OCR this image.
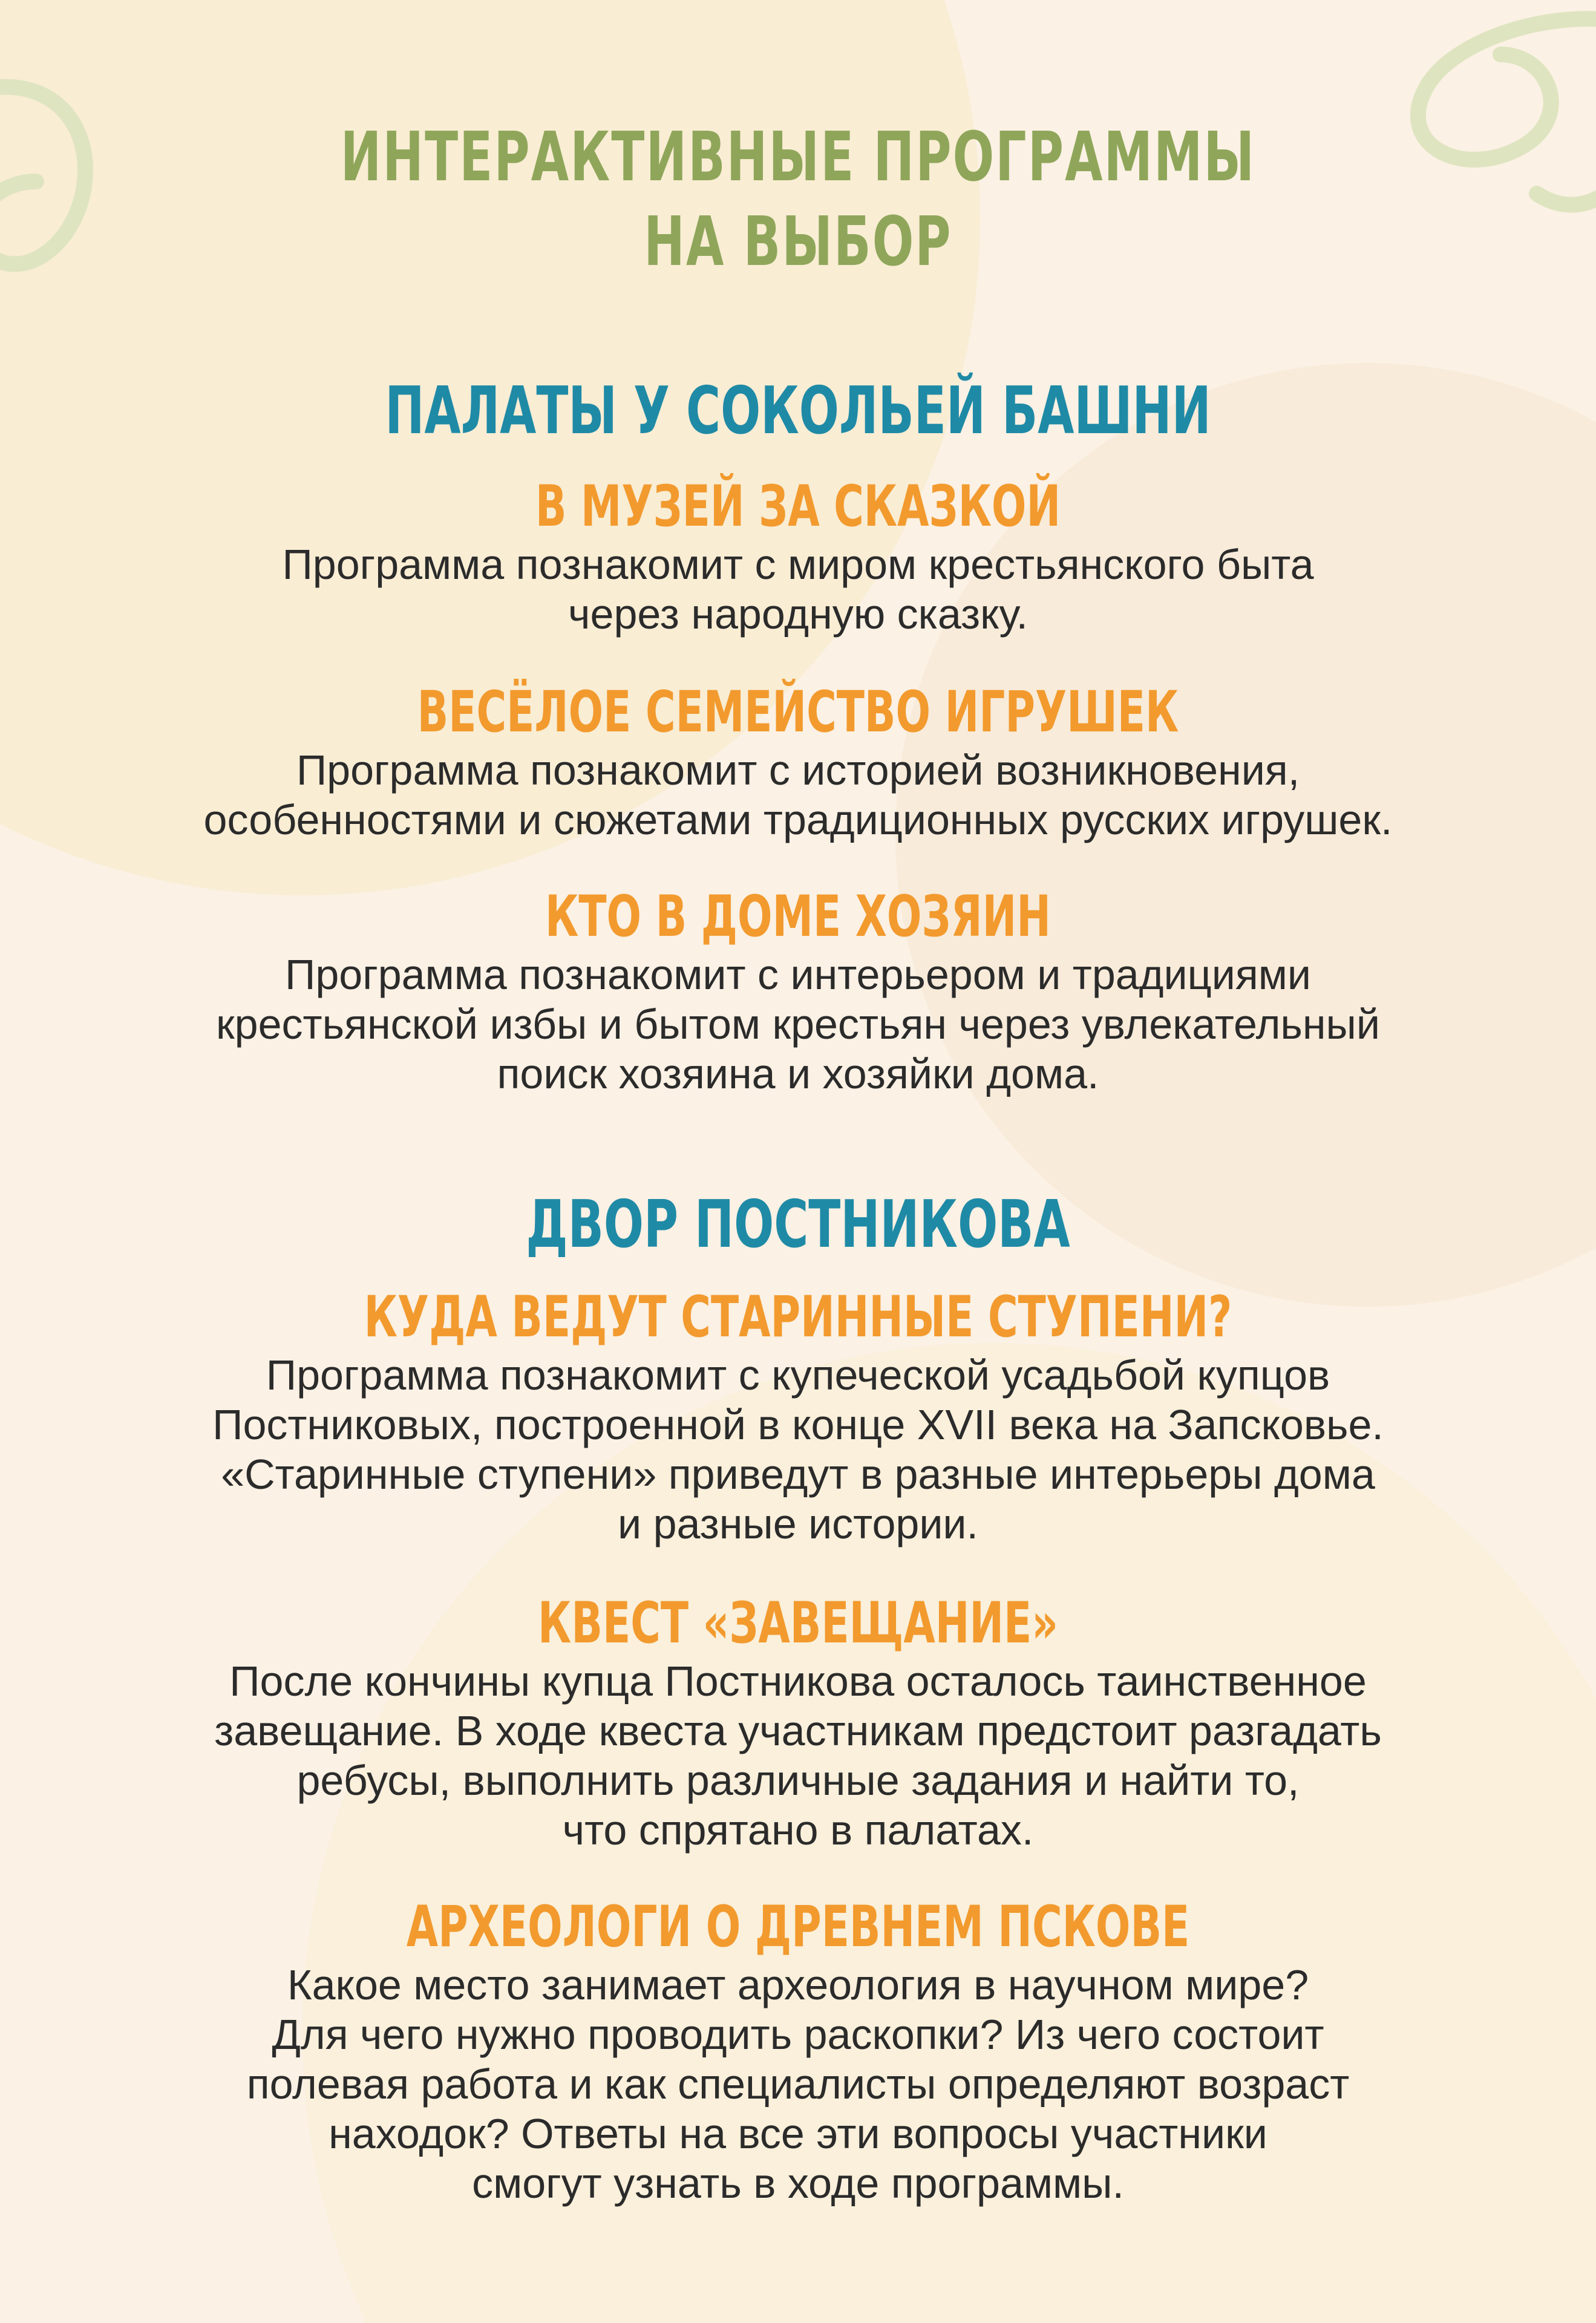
ИНТЕРАКТИВНЫЕ ПРОГРАММЫ
НА ВЫБОР
ПАЛАТЫ У СОКОЛЬЕЙ БАШНИ
В МУЗЕЙ ЗА СКАЗКОЙ
Программа познакомит с миром крестьянского быта
через народную сказку.
ВЕСЁЛОЕ СЕМЕЙСТВО ИГРУШЕК
Программа познакомит с историей возникновения,
особенностями и сюжетами традиционных русских игрушек.
КТО В ДОМЕ ХОЗЯИН
Программа познакомит с интерьером и традициями
крестьянской избы и бытом крестьян через увлекательный
поиск хозяина и хозяйки дома.
ДВОР ПОСТНИКОВА
КУДА ВЕДУТ СТАРИННЫЕ СТУПЕНИ?
Программа познакомит с купеческой усадьбой купцов
Постниковых, построенной в конце XVII века на Запсковье.
«Старинные ступени» приведут в разные интерьеры дома
и разные истории.
КВЕСТ «ЗАВЕЩАНИЕ»
После кончины купца Постникова осталось таинственное
завещание. В ходе квеста участникам предстоит разгадать
ребусы, выполнить различные задания и найти то,
что спрятано в палатах.
АРХЕОЛОГИ О ДРЕВНЕМ ПСКОВЕ
Какое место занимает археология в научном мире?
Для чего нужно проводить раскопки? Из чего состоит
полевая работа и как специалисты определяют возраст
находок? Ответы на все эти вопросы участники
смогут узнать в ходе программы.
